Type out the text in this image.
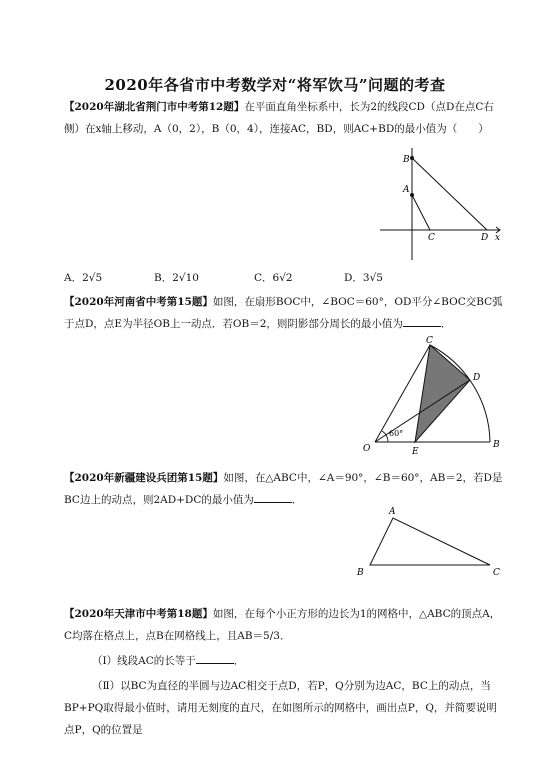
2020年各省市中考数学对“将军饮马”问题的考查
【2020年湖北省荆门市中考第12题】在平面直角坐标系中，长为2的线段CD（点D在点C右侧）在x轴上移动，A（0，2），B（0，4），连接AC，BD，则AC+BD的最小值为（　　）
B
A
C	D x
A．2√5	B．2√10	C．6√2	D．3√5
【2020年河南省中考第15题】如图，在扇形BOC中，∠BOC＝60°，OD平分∠BOC交BC弧于点D，点E为半径OB上一动点．若OB＝2，则阴影部分周长的最小值为	．
C
D
O	E
B
60°
【2020年新疆建设兵团第15题】如图，在△ABC中，∠A＝90°，∠B＝60°，AB＝2，若D是BC边上的动点，则2AD+DC的最小值为	．
A
B	C
【2020年天津市中考第18题】如图，在每个小正方形的边长为1的网格中，△ABC的顶点A，C均落在格点上，点B在网格线上，且AB＝5/3．
（Ⅰ）线段AC的长等于	．
（Ⅱ）以BC为直径的半圆与边AC相交于点D，若P，Q分别为边AC，BC上的动点，当BP+PQ取得最小值时，请用无刻度的直尺，在如图所示的网格中，画出点P，Q，并简要说明点P，Q的位置是
